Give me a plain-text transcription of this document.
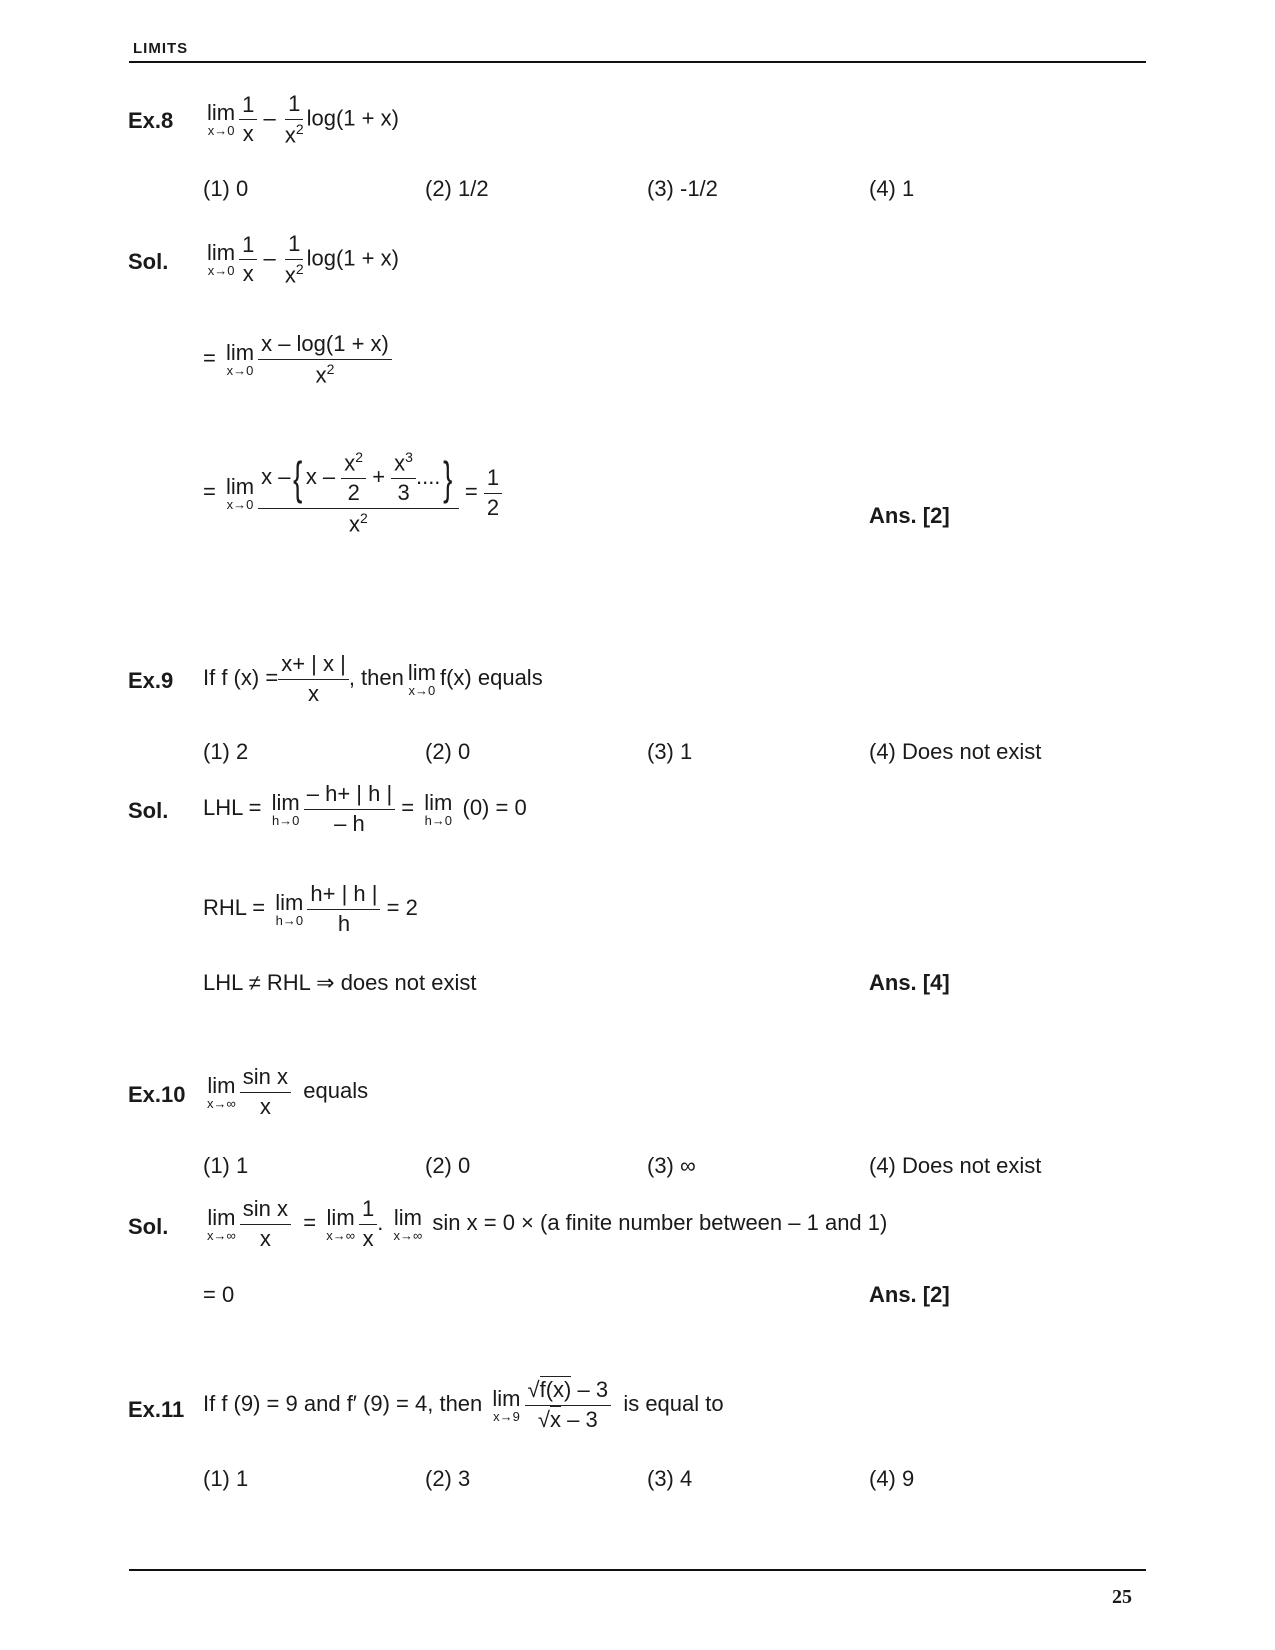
LIMITS
Ex.8 lim
$x\to 0 \frac{1}{x} - \frac{1}{x^2} \log(1 + x)$
(1) 0	(2) 1/2	(3) -1/2	(4) 1
Sol. lim
$x\to 0 \frac{1}{x} - \frac{1}{x^2} \log(1 + x)$
= lim
$x\to 0 \frac{x - \log(1 + x)}{x^2}$
= lim
x→0 x – { x –
$\frac{x^2}{2} + \frac{x^3}{3}$ .... }
$x^2 = \frac{1}{2}$	Ans. [2]
Ex.9 If f $(x) = \frac{x+ | x |}{x}$ , then lim
x→0
f(x) equals
(1) 2	(2) 0	(3) 1	(4) Does not exist
Sol. LHL = lim
$h\to 0 \frac{- h+ | h |}{- h} = \lim$
h→0
(0) = 0
RHL = lim
$h\to 0 \frac{h+ | h |}{h} = 2$
LHL ≠ RHL ⇒ does not exist	Ans. [4]
Ex.10 lim
$x\to\infty \frac{\text{sin x}}{x}$ equals
(1) 1	(2) 0	(3) ∞	(4) Does not exist
Sol. lim
$x\to\infty \frac{\text{sin x}}{x} = \lim$
$x\to\infty \frac{1}{x}$ . lim
x→∞
sin x = 0 × (a finite number between – 1 and 1)
= 0	Ans. [2]
Ex.11 If f (9) = 9 and f′ (9) = 4, then lim
$x\to 9 \frac{√f(x) - 3}{√x - 3}$ is equal to
(1) 1	(2) 3	(3) 4	(4) 9
25
